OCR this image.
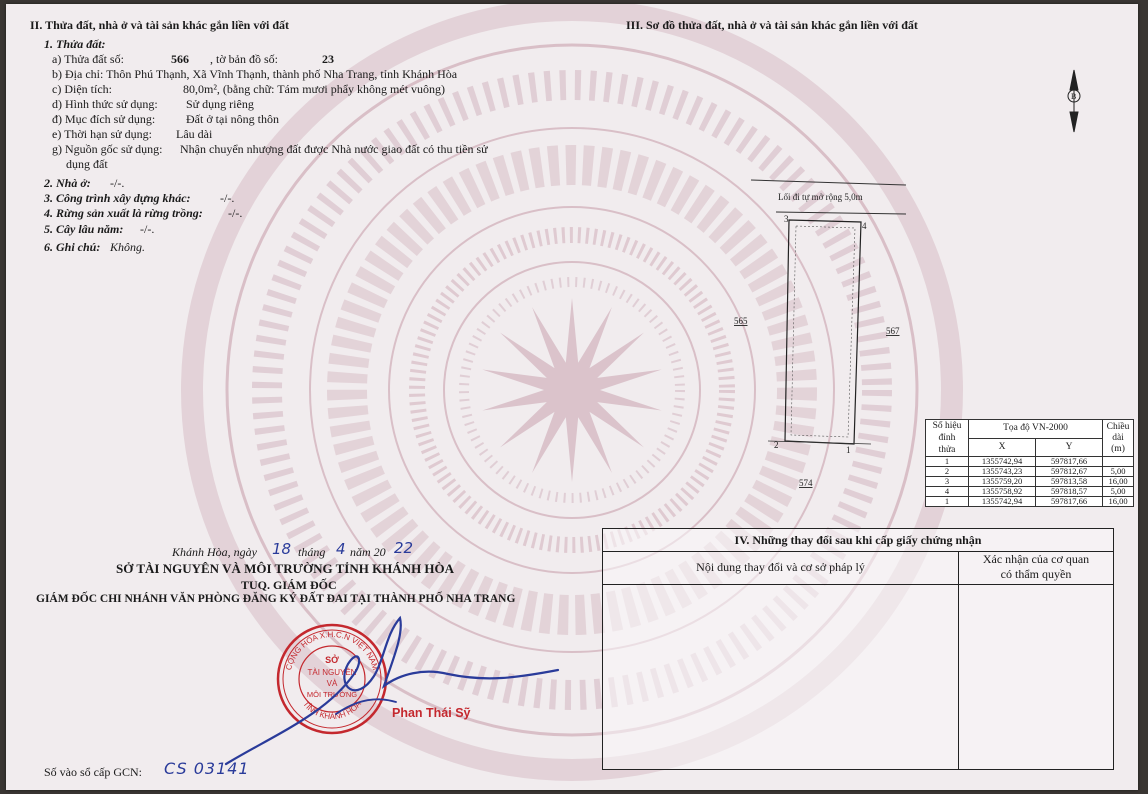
II. Thửa đất, nhà ở và tài sản khác gắn liền với đất
1. Thửa đất:
a) Thửa đất số:	566 , tờ bản đồ số:	23
b) Địa chỉ: Thôn Phú Thạnh, Xã Vĩnh Thạnh, thành phố Nha Trang, tỉnh Khánh Hòa
c) Diện tích:	80,0m², (bằng chữ: Tám mươi phẩy không mét vuông)
d) Hình thức sử dụng: Sử dụng riêng
đ) Mục đích sử dụng:	Đất ở tại nông thôn
e) Thời hạn sử dụng: Lâu dài
g) Nguồn gốc sử dụng: Nhận chuyển nhượng đất được Nhà nước giao đất có thu tiền sử
dụng đất
2. Nhà ở: -/-.
3. Công trình xây dựng khác: -/-.
4. Rừng sản xuất là rừng trồng: -/-.
5. Cây lâu năm: -/-.
6. Ghi chú: Không.
III. Sơ đồ thửa đất, nhà ở và tài sản khác gắn liền với đất
B
Lối đi tự mở rộng 5,0m
3
4
2	1
565
567
574
Số hiệu
đỉnh thửa	Tọa độ VN-2000		Chiều
dài
(m)
	X	Y	
1	1355742,94	597817,66	
2	1355743,23	597812,67	5,00
3	1355759,20	597813,58	16,00
4	1355758,92	597818,57	5,00
1	1355742,94	597817,66	16,00
Khánh Hòa, ngày 18 tháng 4 năm 20 22
SỞ TÀI NGUYÊN VÀ MÔI TRƯỜNG TỈNH KHÁNH HÒA
TUQ. GIÁM ĐỐC
GIÁM ĐỐC CHI NHÁNH VĂN PHÒNG ĐĂNG KÝ ĐẤT ĐAI TẠI THÀNH PHỐ NHA TRANG
CỘNG HÒA X.H.C.N VIỆT NAM
TỈNH KHÁNH HÒA
SỞ
TÀI NGUYÊN
VÀ
MÔI TRƯỜNG
Phan Thái Sỹ
Số vào sổ cấp GCN: CS 03141
IV. Những thay đổi sau khi cấp giấy chứng nhận
Nội dung thay đổi và cơ sở pháp lý
Xác nhận của cơ quan
có thẩm quyền
